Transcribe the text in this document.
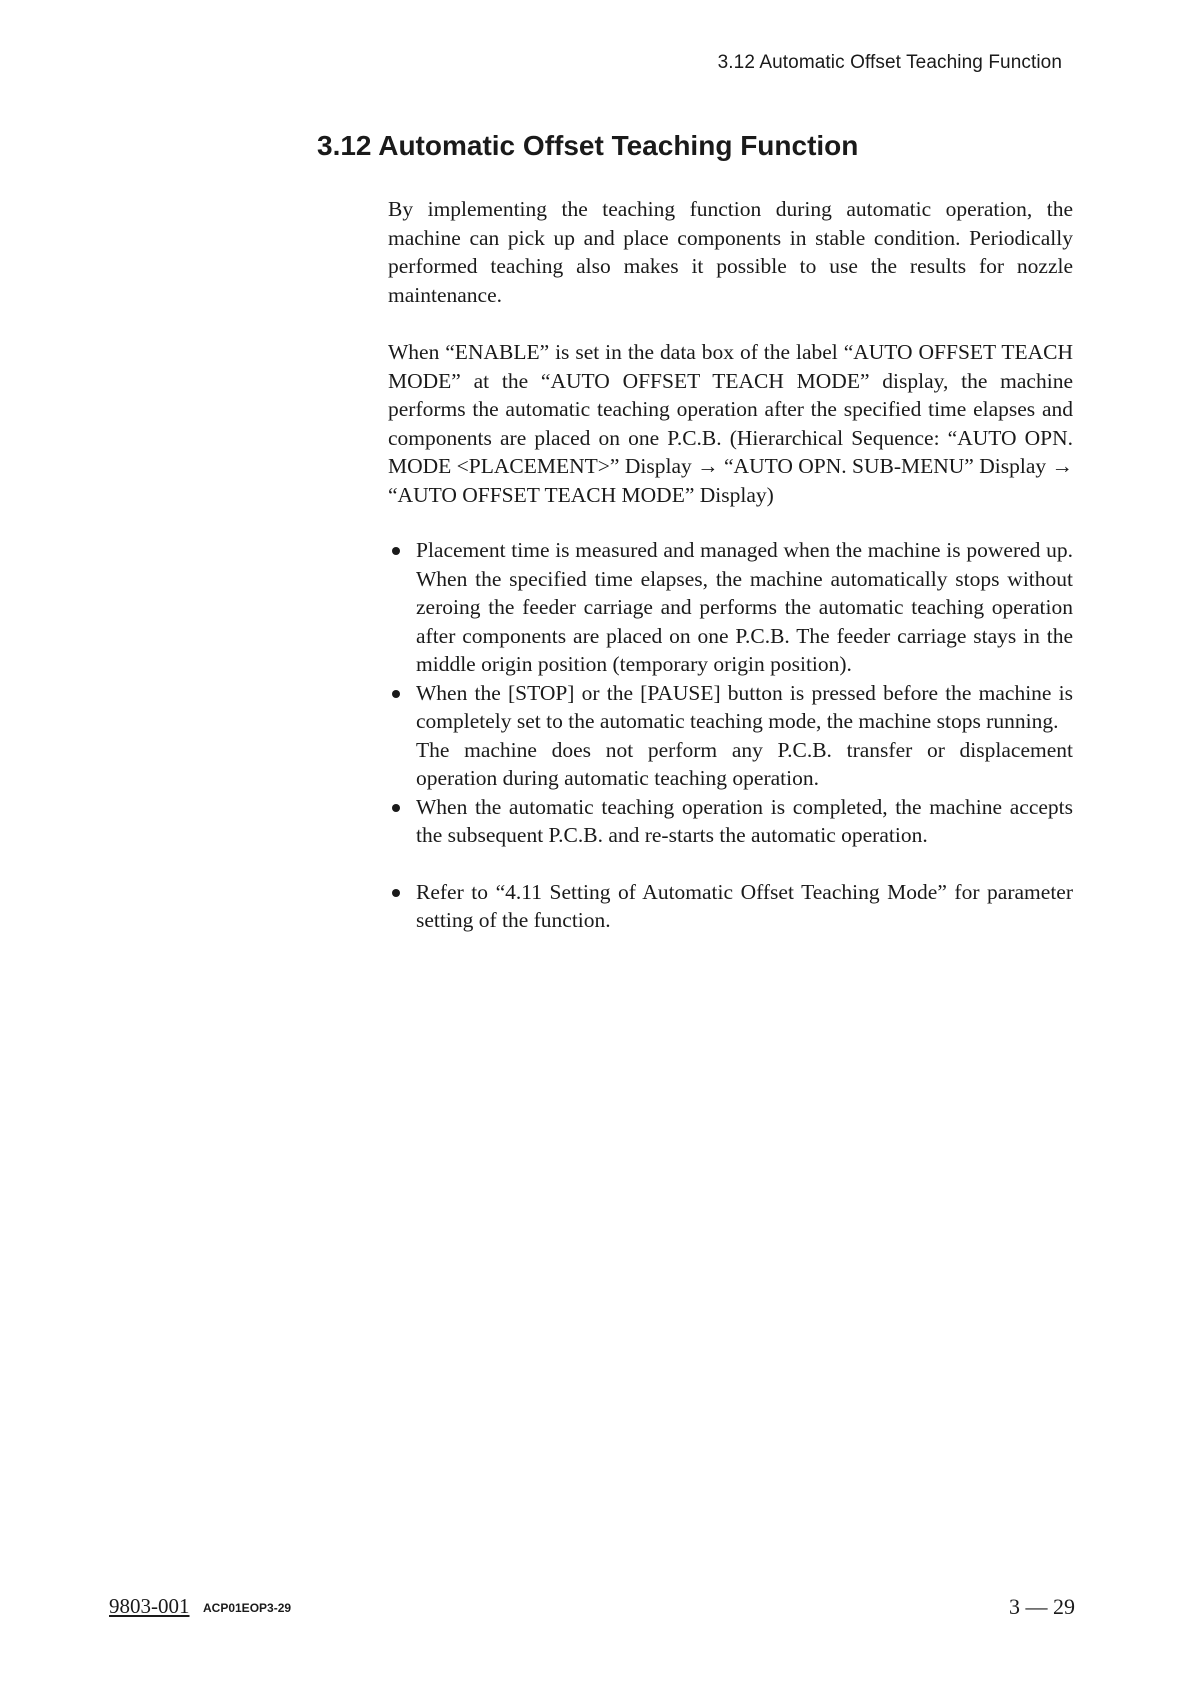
3.12 Automatic Offset Teaching Function
3.12 Automatic Offset Teaching Function

By implementing the teaching function during automatic operation, the machine can pick up and place components in stable condition. Periodically performed teaching also makes it possible to use the results for nozzle maintenance.

When “ENABLE” is set in the data box of the label “AUTO OFFSET TEACH MODE” at the “AUTO OFFSET TEACH MODE” display, the machine performs the automatic teaching operation after the specified time elapses and components are placed on one P.C.B. (Hierarchical Sequence: “AUTO OPN. MODE <PLACEMENT>” Display → “AUTO OPN. SUB-MENU” Display → “AUTO OFFSET TEACH MODE” Display)

Placement time is measured and managed when the machine is powered up. When the specified time elapses, the machine automatically stops without zeroing the feeder carriage and performs the automatic teaching operation after components are placed on one P.C.B. The feeder carriage stays in the middle origin position (temporary origin position).

When the [STOP] or the [PAUSE] button is pressed before the machine is completely set to the automatic teaching mode, the machine stops running.

The machine does not perform any P.C.B. transfer or displacement operation during automatic teaching operation.

When the automatic teaching operation is completed, the machine accepts the subsequent P.C.B. and re-starts the automatic operation.

Refer to “4.11 Setting of Automatic Offset Teaching Mode” for parameter setting of the function.

9803-001 ACP01EOP3-29	3 — 29
